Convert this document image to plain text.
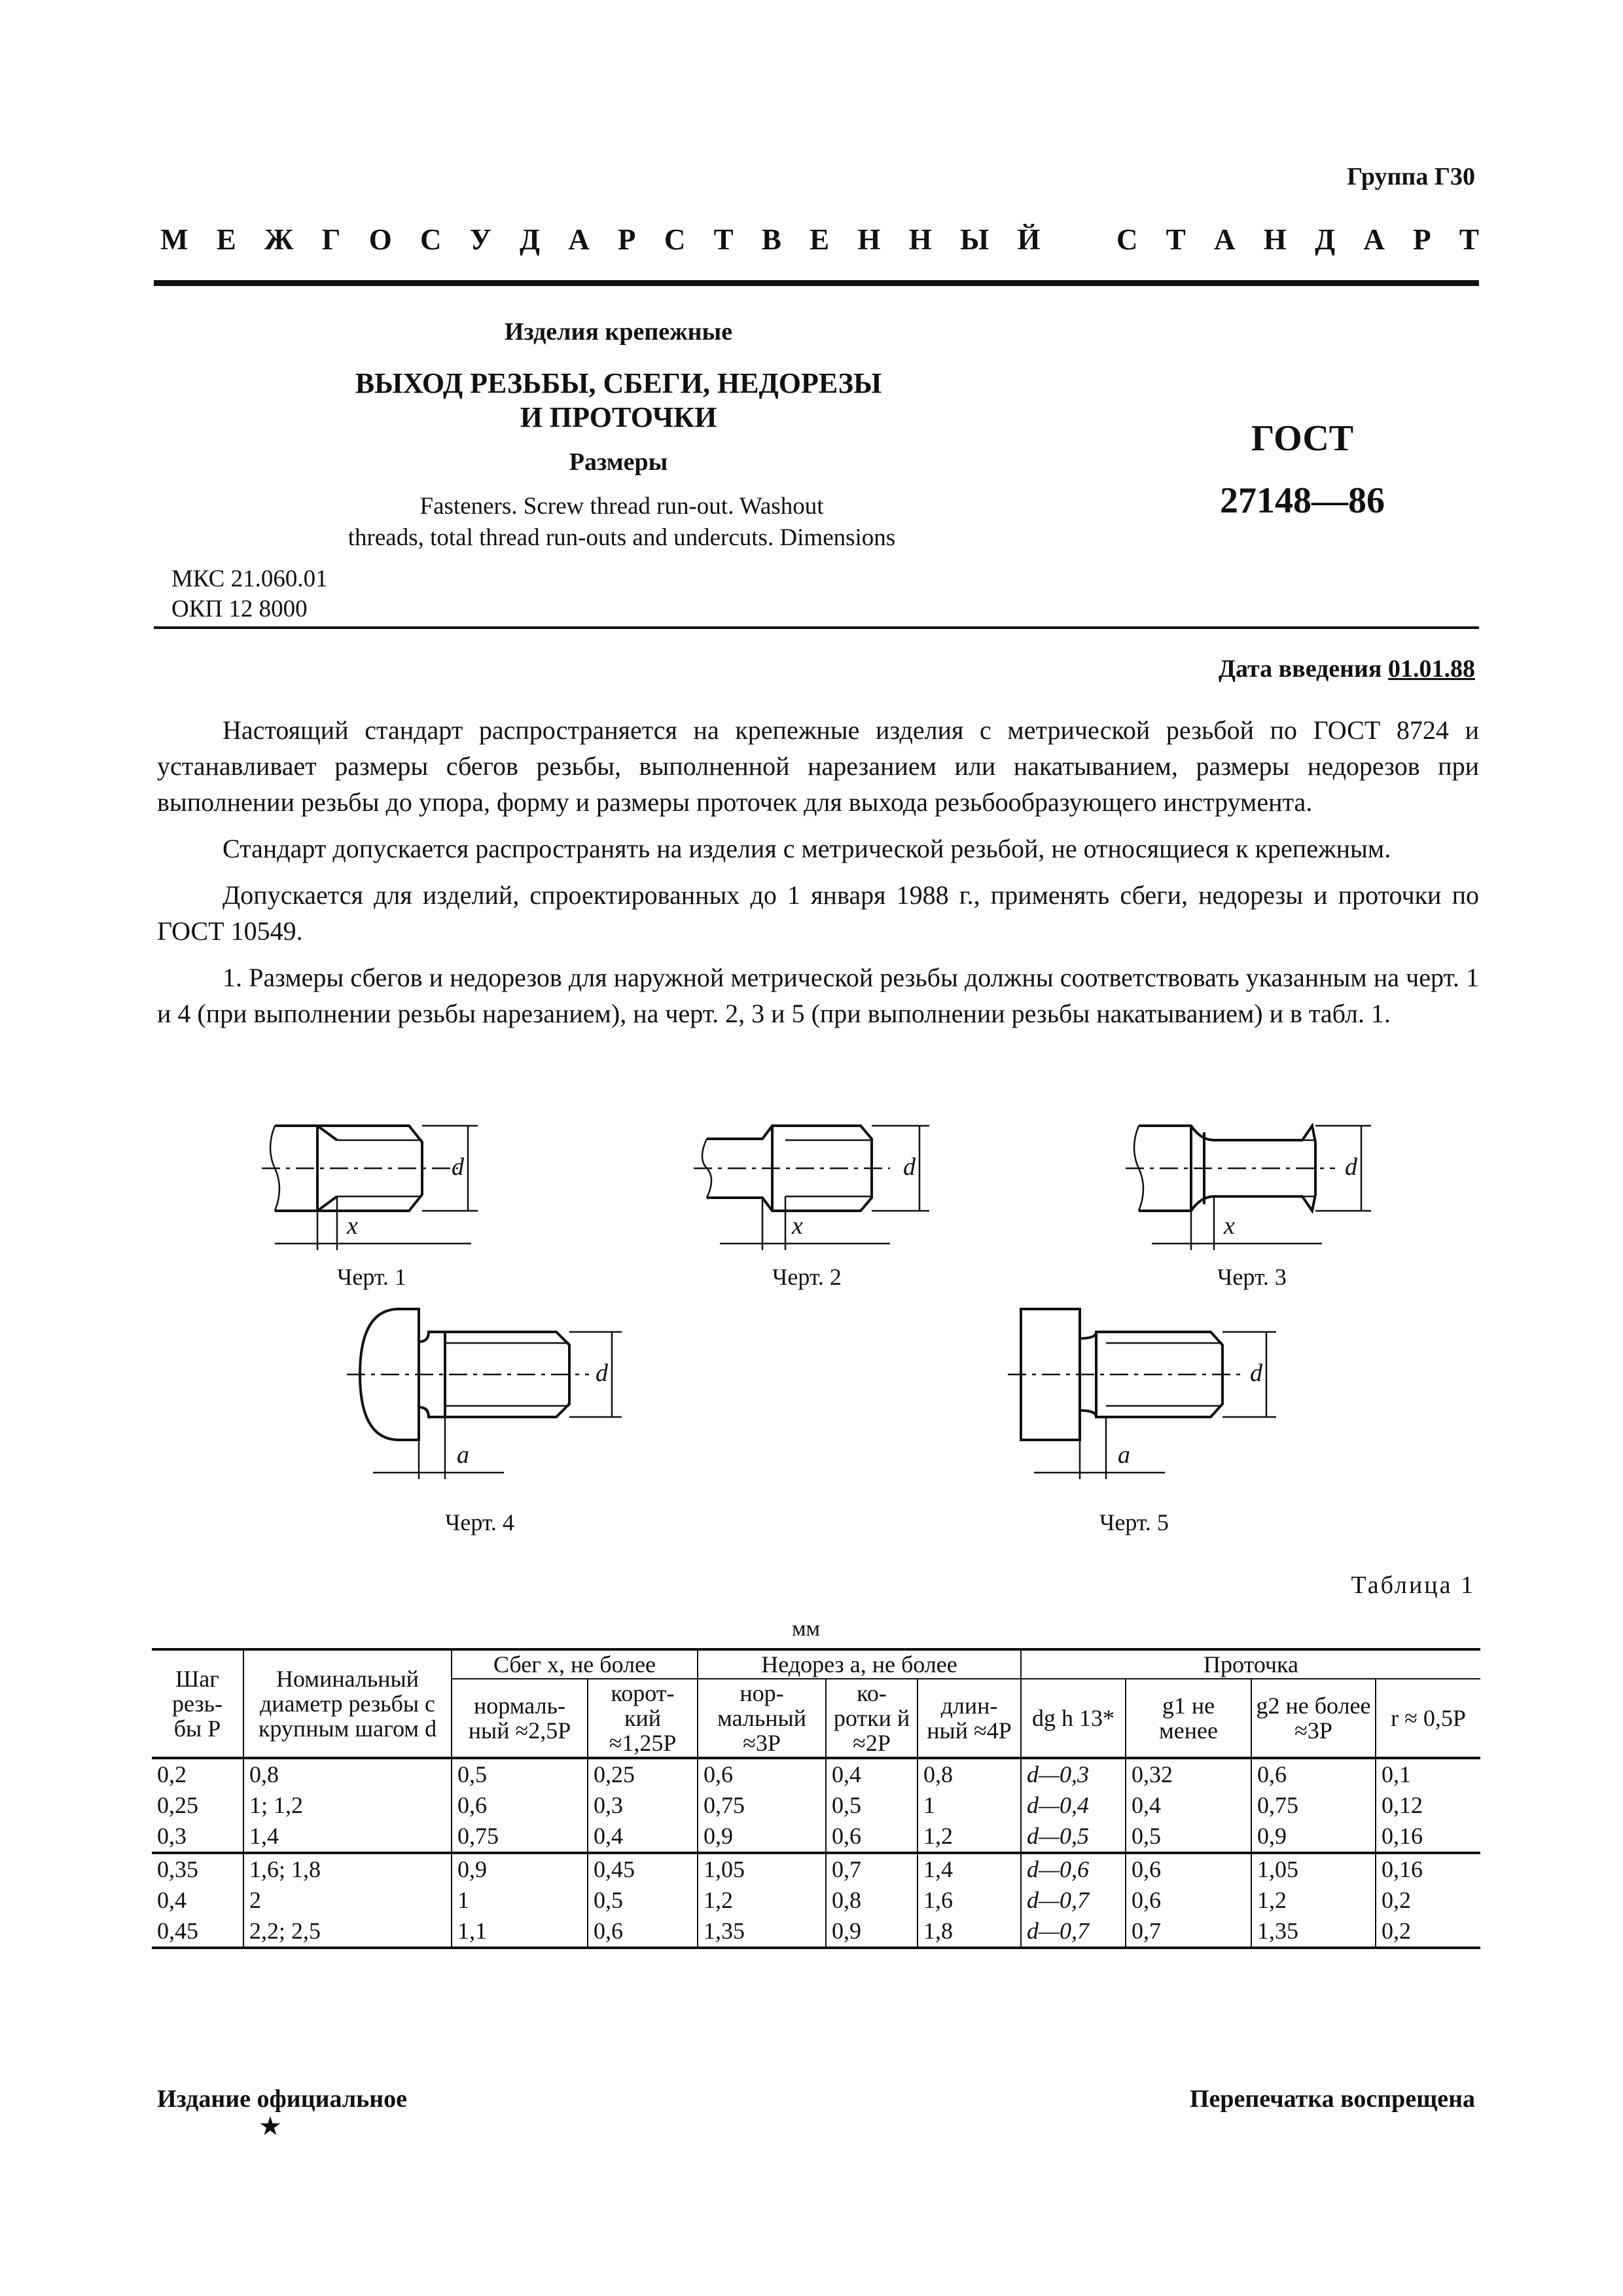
Группа Г30
М Е Ж Г О С У Д А Р С Т В Е Н Н Ы Й	С Т А Н Д А Р Т
Изделия крепежные
ВЫХОД РЕЗЬБЫ, СБЕГИ, НЕДОРЕЗЫ
И ПРОТОЧКИ
Размеры
Fasteners. Screw thread run-out. Washout
threads, total thread run-outs and undercuts. Dimensions
ГОСТ
27148—86
МКС 21.060.01
ОКП 12 8000
Дата введения 01.01.88

Настоящий стандарт распространяется на крепежные изделия с метрической резьбой по ГОСТ 8724 и устанавливает размеры сбегов резьбы, выполненной нарезанием или накатыванием, размеры недорезов при выполнении резьбы до упора, форму и размеры проточек для выхода резьбообразующего инструмента.

Стандарт допускается распространять на изделия с метрической резьбой, не относящиеся к крепежным.

Допускается для изделий, спроектированных до 1 января 1988 г., применять сбеги, недорезы и проточки по ГОСТ 10549.

1. Размеры сбегов и недорезов для наружной метрической резьбы должны соответствовать указанным на черт. 1 и 4 (при выполнении резьбы нарезанием), на черт. 2, 3 и 5 (при выполнении резьбы накатыванием) и в табл. 1.

d
x
Черт. 1
d
x
Черт. 2
d
x
Черт. 3
d
a
Черт. 4
d
a
Черт. 5
Таблица 1
мм
Шаг резь- бы P	Номинальный диаметр резьбы с крупным шагом d	Сбег x, не более		Недорез a, не более			Проточка			
		нормаль- ный ≈2,5P	корот- кий ≈1,25P	нор- мальный ≈3P	ко- ротки й ≈2P	длин- ный ≈4P	dg h 13*	g1 не менее	g2 не более ≈3P	r ≈ 0,5P
0,2	0,8	0,5	0,25	0,6	0,4	0,8	d—0,3	0,32	0,6	0,1
0,25	1; 1,2	0,6	0,3	0,75	0,5	1	d—0,4	0,4	0,75	0,12
0,3	1,4	0,75	0,4	0,9	0,6	1,2	d—0,5	0,5	0,9	0,16
0,35	1,6; 1,8	0,9	0,45	1,05	0,7	1,4	d—0,6	0,6	1,05	0,16
0,4	2	1	0,5	1,2	0,8	1,6	d—0,7	0,6	1,2	0,2
0,45	2,2; 2,5	1,1	0,6	1,35	0,9	1,8	d—0,7	0,7	1,35	0,2
Издание официальное
★
Перепечатка воспрещена
